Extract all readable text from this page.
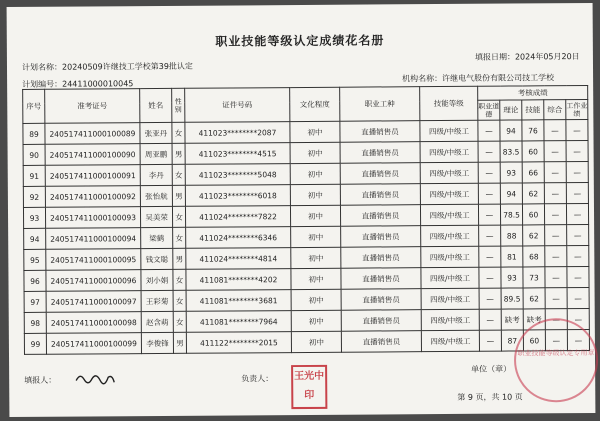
职业技能等级认定成绩花名册
填报日期：2024年05月20日
计划名称：20240509许继技工学校第39批认定
计划编号：24411000010045
机构名称：许继电气股份有限公司技工学校
序号	准考证号	姓名	性别	证件号码	文化程度	职业工种	技能等级	考核成绩				
								职业道德	理论	技能	综合	工作业绩
89	240517411000100089	张亚丹	女	411023********2087	初中	直播销售员	四级/中级工	—	94	76	—	—
90	240517411000100090	周亚鹏	男	411023********4515	初中	直播销售员	四级/中级工	—	83.5	60	—	—
91	240517411000100091	李丹	女	411023********5048	初中	直播销售员	四级/中级工	—	93	66	—	—
92	240517411000100092	张怡航	男	411023********6018	初中	直播销售员	四级/中级工	—	94	62	—	—
93	240517411000100093	吴美荣	女	411024********7822	初中	直播销售员	四级/中级工	—	78.5	60	—	—
94	240517411000100094	梁鹤	女	411024********6346	初中	直播销售员	四级/中级工	—	88	62	—	—
95	240517411000100095	钱文聪	男	411024********4814	初中	直播销售员	四级/中级工	—	81	68	—	—
96	240517411000100096	刘小娟	女	411081********4202	初中	直播销售员	四级/中级工	—	93	73	—	—
97	240517411000100097	王彩菊	女	411081********3681	初中	直播销售员	四级/中级工	—	89.5	62	—	—
98	240517411000100098	赵含萌	女	411081********7964	初中	直播销售员	四级/中级工	—	缺考	缺考	—	—
99	240517411000100099	李俊锋	男	411122********2015	初中	直播销售员	四级/中级工	—	87	60	—	—
填报人：	负责人：	王光中印
单位（章）
职业技能等级认定专用章
第 9 页，共 10 页
